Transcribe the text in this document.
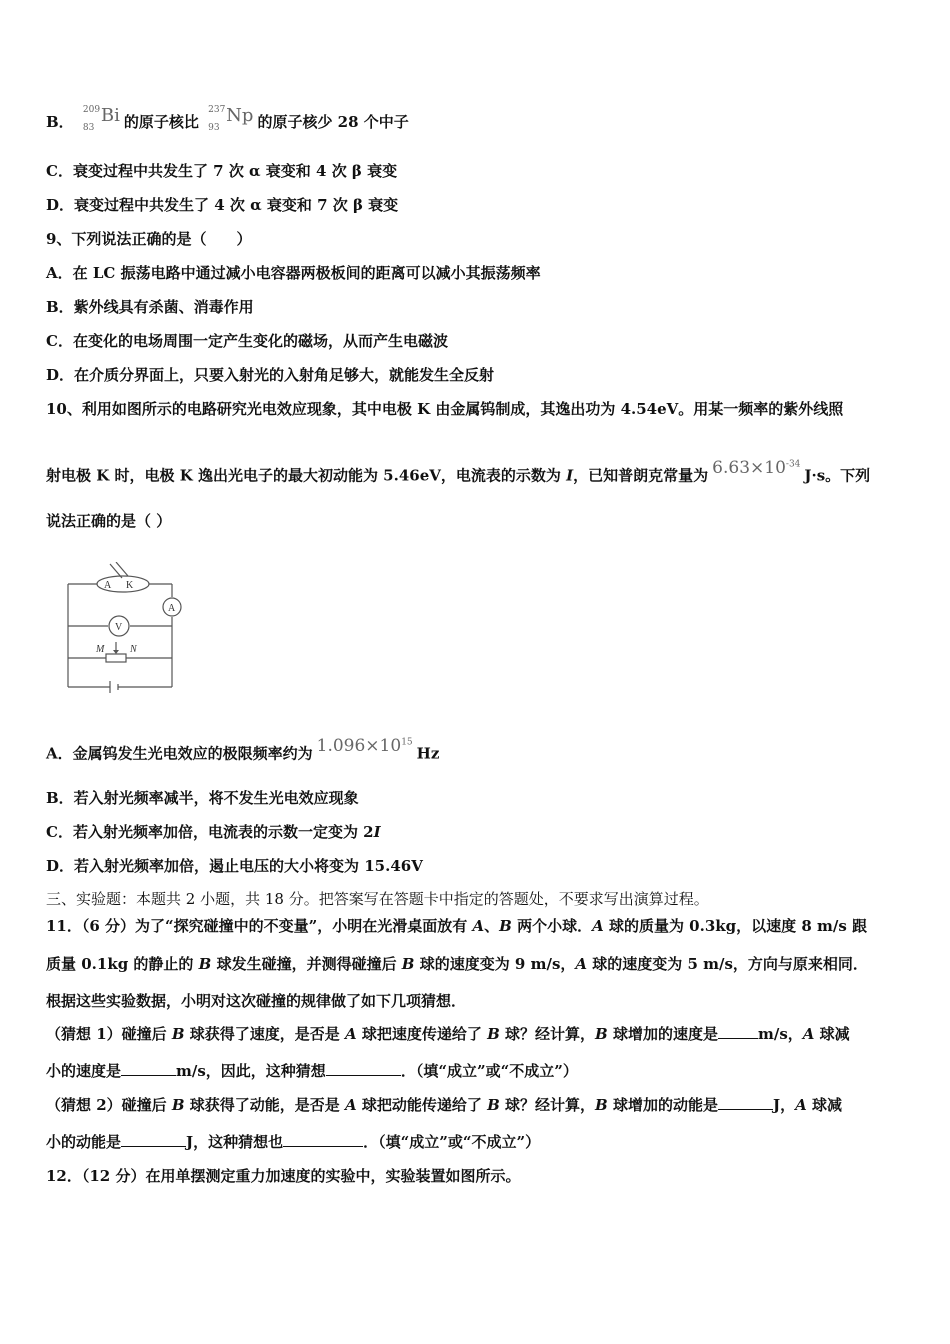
B．
209
83
Bi 的原子核比
237
93
Np 的原子核少 28 个中子
C．衰变过程中共发生了 7 次 α 衰变和 4 次 β 衰变
D．衰变过程中共发生了 4 次 α 衰变和 7 次 β 衰变
9、下列说法正确的是（　　）
A．在 LC 振荡电路中通过减小电容器两极板间的距离可以减小其振荡频率
B．紫外线具有杀菌、消毒作用
C．在变化的电场周围一定产生变化的磁场，从而产生电磁波
D．在介质分界面上，只要入射光的入射角足够大，就能发生全反射
10、利用如图所示的电路研究光电效应现象，其中电极 K 由金属钨制成，其逸出功为 4.54eV。用某一频率的紫外线照
射电极 K 时，电极 K 逸出光电子的最大初动能为 5.46eV，电流表的示数为 I，已知普朗克常量为 $6.63\times 10^{-34}J\cdot s$。下列
说法正确的是（ ）
A K
A
V
M	N
A．金属钨发生光电效应的极限频率约为 $1.096\times 10^{15}Hz$
B．若入射光频率减半，将不发生光电效应现象
C．若入射光频率加倍，电流表的示数一定变为 2I
D．若入射光频率加倍，遏止电压的大小将变为 15.46V
三、实验题：本题共 2 小题，共 18 分。把答案写在答题卡中指定的答题处，不要求写出演算过程。
11．（6 分）为了“探究碰撞中的不变量”，小明在光滑桌面放有 A、B 两个小球．A 球的质量为 0.3kg，以速度 8 m/s 跟
质量 0.1kg 的静止的 B 球发生碰撞，并测得碰撞后 B 球的速度变为 9 m/s，A 球的速度变为 5 m/s，方向与原来相同．
根据这些实验数据，小明对这次碰撞的规律做了如下几项猜想．
（猜想 1）碰撞后 B 球获得了速度，是否是 A 球把速度传递给了 B 球？经计算，B 球增加的速度是	m/s，A 球减
小的速度是	m/s，因此，这种猜想	．（填“成立”或“不成立”）
（猜想 2）碰撞后 B 球获得了动能，是否是 A 球把动能传递给了 B 球？经计算，B 球增加的动能是	J，A 球减
小的动能是	J，这种猜想也	．（填“成立”或“不成立”）
12．（12 分）在用单摆测定重力加速度的实验中，实验装置如图所示。
